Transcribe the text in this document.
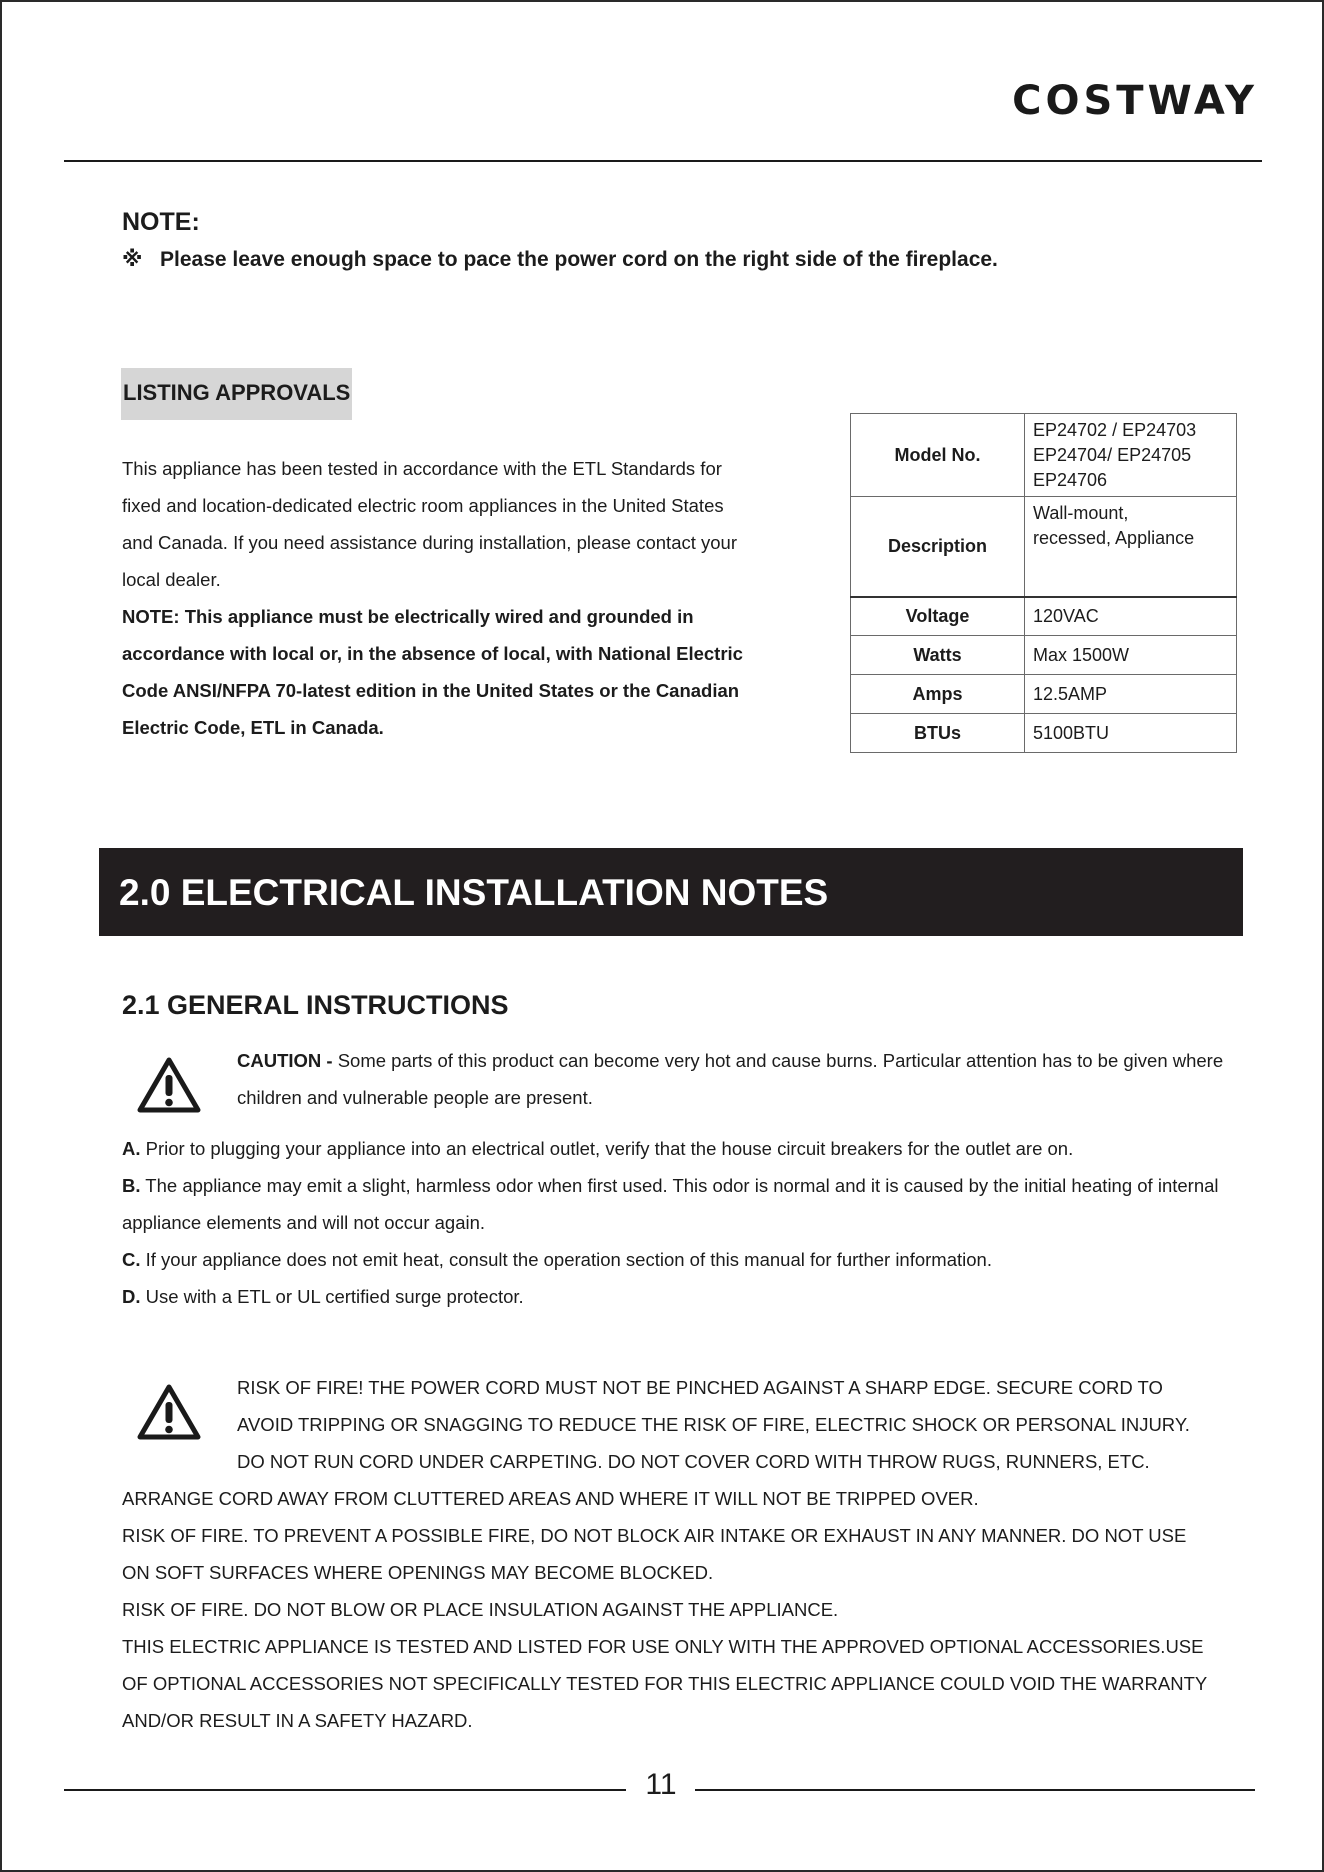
COSTWAY
NOTE:
※ Please leave enough space to pace the power cord on the right side of the fireplace.
LISTING APPROVALS

This appliance has been tested in accordance with the ETL Standards for

fixed and location-dedicated electric room appliances in the United States

and Canada. If you need assistance during installation, please contact your

local dealer.

NOTE: This appliance must be electrically wired and grounded in

accordance with local or, in the absence of local, with National Electric

Code ANSI/NFPA 70-latest edition in the United States or the Canadian

Electric Code, ETL in Canada.

Model No.	EP24702 / EP24703
EP24704/ EP24705
EP24706

Description	Wall-mount,
recessed, Appliance

Voltage	120VAC
Watts	Max 1500W
Amps	12.5AMP
BTUs	5100BTU
2.0 ELECTRICAL INSTALLATION NOTES
2.1 GENERAL INSTRUCTIONS
CAUTION - Some parts of this product can become very hot and cause burns. Particular attention has to be given where children and vulnerable people are present.

A. Prior to plugging your appliance into an electrical outlet, verify that the house circuit breakers for the outlet are on.

B. The appliance may emit a slight, harmless odor when first used. This odor is normal and it is caused by the initial heating of internal appliance elements and will not occur again.

C. If your appliance does not emit heat, consult the operation section of this manual for further information.

D. Use with a ETL or UL certified surge protector.

RISK OF FIRE! THE POWER CORD MUST NOT BE PINCHED AGAINST A SHARP EDGE. SECURE CORD TO

AVOID TRIPPING OR SNAGGING TO REDUCE THE RISK OF FIRE, ELECTRIC SHOCK OR PERSONAL INJURY.

DO NOT RUN CORD UNDER CARPETING. DO NOT COVER CORD WITH THROW RUGS, RUNNERS, ETC.

ARRANGE CORD AWAY FROM CLUTTERED AREAS AND WHERE IT WILL NOT BE TRIPPED OVER.

RISK OF FIRE. TO PREVENT A POSSIBLE FIRE, DO NOT BLOCK AIR INTAKE OR EXHAUST IN ANY MANNER. DO NOT USE

ON SOFT SURFACES WHERE OPENINGS MAY BECOME BLOCKED.

RISK OF FIRE. DO NOT BLOW OR PLACE INSULATION AGAINST THE APPLIANCE.

THIS ELECTRIC APPLIANCE IS TESTED AND LISTED FOR USE ONLY WITH THE APPROVED OPTIONAL ACCESSORIES.USE

OF OPTIONAL ACCESSORIES NOT SPECIFICALLY TESTED FOR THIS ELECTRIC APPLIANCE COULD VOID THE WARRANTY

AND/OR RESULT IN A SAFETY HAZARD.

11
